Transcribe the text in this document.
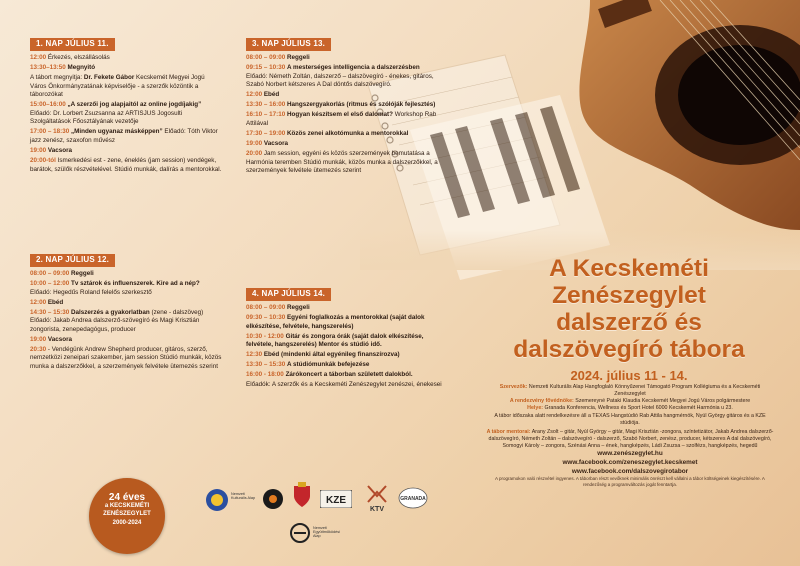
1. NAP JÚLIUS 11.

12:00 Érkezés, elszállásolás

13:30–13:50 Megnyitó

A tábort megnyitja: Dr. Fekete Gábor Kecskemét Megyei Jogú Város Önkormányzatának képviselője - a szerzők közöntik a táborozókat

15:00–16:00 „A szerzői jog alapjaitól az online jogdíjakig” Előadó: Dr. Lorbert Zsuzsanna az ARTISJUS Jogosulti Szolgáltatások Főosztályának vezetője

17:00 – 18:30 „Minden ugyanaz másképpen” Előadó: Tóth Viktor jazz zenész, szaxofon művész

19:00 Vacsora

20:00-tól Ismerkedési est - zene, éneklés (jam session) vendégek, barátok, szülők részvételével. Stúdió munkák, dalírás a mentorokkal.

2. NAP JÚLIUS 12.

08:00 – 09:00 Reggeli

10:00 – 12:00 Tv sztárok és influenszerek. Kire ad a nép? Előadó: Hegedűs Roland felelős szerkesztő

12:00 Ebéd

14:30 – 15:30 Dalszerzés a gyakorlatban (zene - dalszöveg) Előadó: Jakab Andrea dalszerző-szövegíró és Magi Krisztián zongorista, zenepedagógus, producer

19:00 Vacsora

20:30 - Vendégünk Andrew Shepherd producer, gitáros, szerző, nemzetközi zeneipari szakember, jam session Stúdió munkák, közös munka a dalszerzőkkel, a szerzemények felvétele ütemezés szerint

3. NAP JÚLIUS 13.

08:00 – 09:00 Reggeli

09:15 – 10:30 A mesterséges intelligencia a dalszerzésben Előadó: Németh Zoltán, dalszerző – dalszövegíró - énekes, gitáros, Szabó Norbert kétszeres A Dal döntős dalszövegíró.

12:00 Ebéd

13:30 – 16:00 Hangszergyakorlás (ritmus és szólóják fejlesztés)

16:10 – 17:10 Hogyan készítsem el első dalomat? Workshop Rab Attilával

17:30 – 19:00 Közös zenei alkotómunka a mentorokkal

19:00 Vacsora

20:00 Jam session, egyéni és közös szerzemények bemutatása a Harmónia teremben Stúdió munkák, közös munka a dalszerzőkkel, a szerzemények felvétele ütemezés szerint

4. NAP JÚLIUS 14.

08:00 – 09:00 Reggeli

09:30 – 10:30 Egyéni foglalkozás a mentorokkal (saját dalok elkészítése, felvétele, hangszerelés)

10:30 - 12:00 Gitár és zongora órák (saját dalok elkészítése, felvétele, hangszerelés) Mentor és stúdió idő.

12:30 Ebéd (mindenki által egyénileg finanszírozva)

13:30 – 15:30 A stúdiómunkák befejezése

16:00 - 18:00 Zárókoncert a táborban született dalokból.

Előadók: A szerzők és a Kecskeméti Zenészegylet zenészei, énekesei

A Kecskeméti

Zenészegylet

dalszerző és

dalszövegíró tábora

2024. július 11 - 14.

Szervezők: Nemzeti Kulturális Alap Hangfoglaló Könnyűzenei Támogató Program Kollégiuma és a Kecskeméti Zenészegylet

A rendezvény fővédnöke: Szemereyné Pataki Klaudia Kecskemét Megyei Jogú Város polgármestere

Helye: Granada Konferencia, Wellness és Sport Hotel 6000 Kecskemét Harmónia u 23.

A tábor időszaka alatt rendelkezésre áll a TEXAS Hangstúdió Rab Attila hangmérnök, Nyúl György gitáros és a KZE stúdiója.

A tábor mentorai: Arany Zsolt – gitár, Nyúl György – gitár, Magi Krisztián -zongora, színtetizátor, Jakab Andrea dalszerző-dalszövegíró, Németh Zoltán – dalszövegíró - dalszerző, Szabó Norbert, zenész, producer, kétszeres A dal dalszövegíró, Somogyi Károly – zongora, Szénási Anna – ének, hangképzés, Ládi Zsuzsa – szolfézs, hangképzés, hegedű

www.zenészegylet.hu

www.facebook.com/zeneszegylet.kecskemet

www.facebook.com/dalszovegirotabor

A programokon való részvétel ingyenes. A táborban részt vevőknek minimális önrészt kell vállalni a tábor költségeinek kiegészítésére. A rendezőség a programváltozás jogát fenntartja.

24 éves
a KECSKEMÉTI
ZENÉSZEGYLET
2000-2024
Nemzeti Kulturális Alap	KZE
KTV
GRANADA
Nemzeti Együttműködési Alap
